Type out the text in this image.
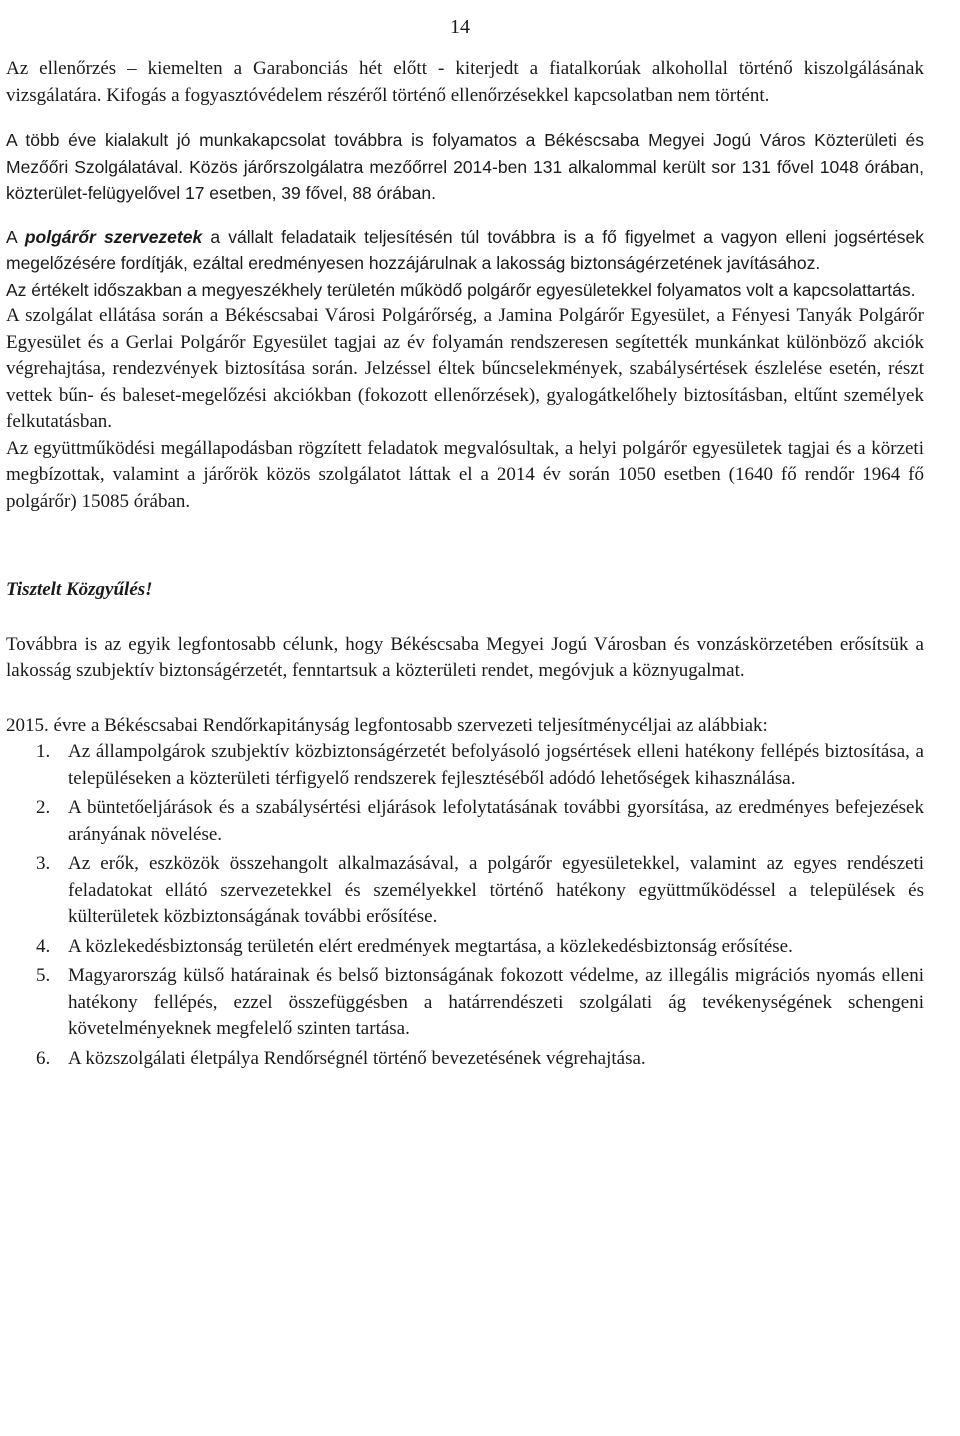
14

Az ellenőrzés – kiemelten a Garabonciás hét előtt - kiterjedt a fiatalkorúak alkohollal történő kiszolgálásának vizsgálatára. Kifogás a fogyasztóvédelem részéről történő ellenőrzésekkel kapcsolatban nem történt.

A több éve kialakult jó munkakapcsolat továbbra is folyamatos a Békéscsaba Megyei Jogú Város Közterületi és Mezőőri Szolgálatával. Közös járőrszolgálatra mezőőrrel 2014-ben 131 alkalommal került sor 131 fővel 1048 órában, közterület-felügyelővel 17 esetben, 39 fővel, 88 órában.

A polgárőr szervezetek a vállalt feladataik teljesítésén túl továbbra is a fő figyelmet a vagyon elleni jogsértések megelőzésére fordítják, ezáltal eredményesen hozzájárulnak a lakosság biztonságérzetének javításához.

Az értékelt időszakban a megyeszékhely területén működő polgárőr egyesületekkel folyamatos volt a kapcsolattartás.

A szolgálat ellátása során a Békéscsabai Városi Polgárőrség, a Jamina Polgárőr Egyesület, a Fényesi Tanyák Polgárőr Egyesület és a Gerlai Polgárőr Egyesület tagjai az év folyamán rendszeresen segítették munkánkat különböző akciók végrehajtása, rendezvények biztosítása során. Jelzéssel éltek bűncselekmények, szabálysértések észlelése esetén, részt vettek bűn- és baleset-megelőzési akciókban (fokozott ellenőrzések), gyalogátkelőhely biztosításban, eltűnt személyek felkutatásban.

Az együttműködési megállapodásban rögzített feladatok megvalósultak, a helyi polgárőr egyesületek tagjai és a körzeti megbízottak, valamint a járőrök közös szolgálatot láttak el a 2014 év során 1050 esetben (1640 fő rendőr 1964 fő polgárőr) 15085 órában.

Tisztelt Közgyűlés!

Továbbra is az egyik legfontosabb célunk, hogy Békéscsaba Megyei Jogú Városban és vonzáskörzetében erősítsük a lakosság szubjektív biztonságérzetét, fenntartsuk a közterületi rendet, megóvjuk a köznyugalmat.

2015. évre a Békéscsabai Rendőrkapitányság legfontosabb szervezeti teljesítménycéljai az alábbiak:

1. Az állampolgárok szubjektív közbiztonságérzetét befolyásoló jogsértések elleni hatékony fellépés biztosítása, a településeken a közterületi térfigyelő rendszerek fejlesztéséből adódó lehetőségek kihasználása.
2. A büntetőeljárások és a szabálysértési eljárások lefolytatásának további gyorsítása, az eredményes befejezések arányának növelése.
3. Az erők, eszközök összehangolt alkalmazásával, a polgárőr egyesületekkel, valamint az egyes rendészeti feladatokat ellátó szervezetekkel és személyekkel történő hatékony együttműködéssel a települések és külterületek közbiztonságának további erősítése.
4. A közlekedésbiztonság területén elért eredmények megtartása, a közlekedésbiztonság erősítése.
5. Magyarország külső határainak és belső biztonságának fokozott védelme, az illegális migrációs nyomás elleni hatékony fellépés, ezzel összefüggésben a határrendészeti szolgálati ág tevékenységének schengeni követelményeknek megfelelő szinten tartása.
6. A közszolgálati életpálya Rendőrségnél történő bevezetésének végrehajtása.
